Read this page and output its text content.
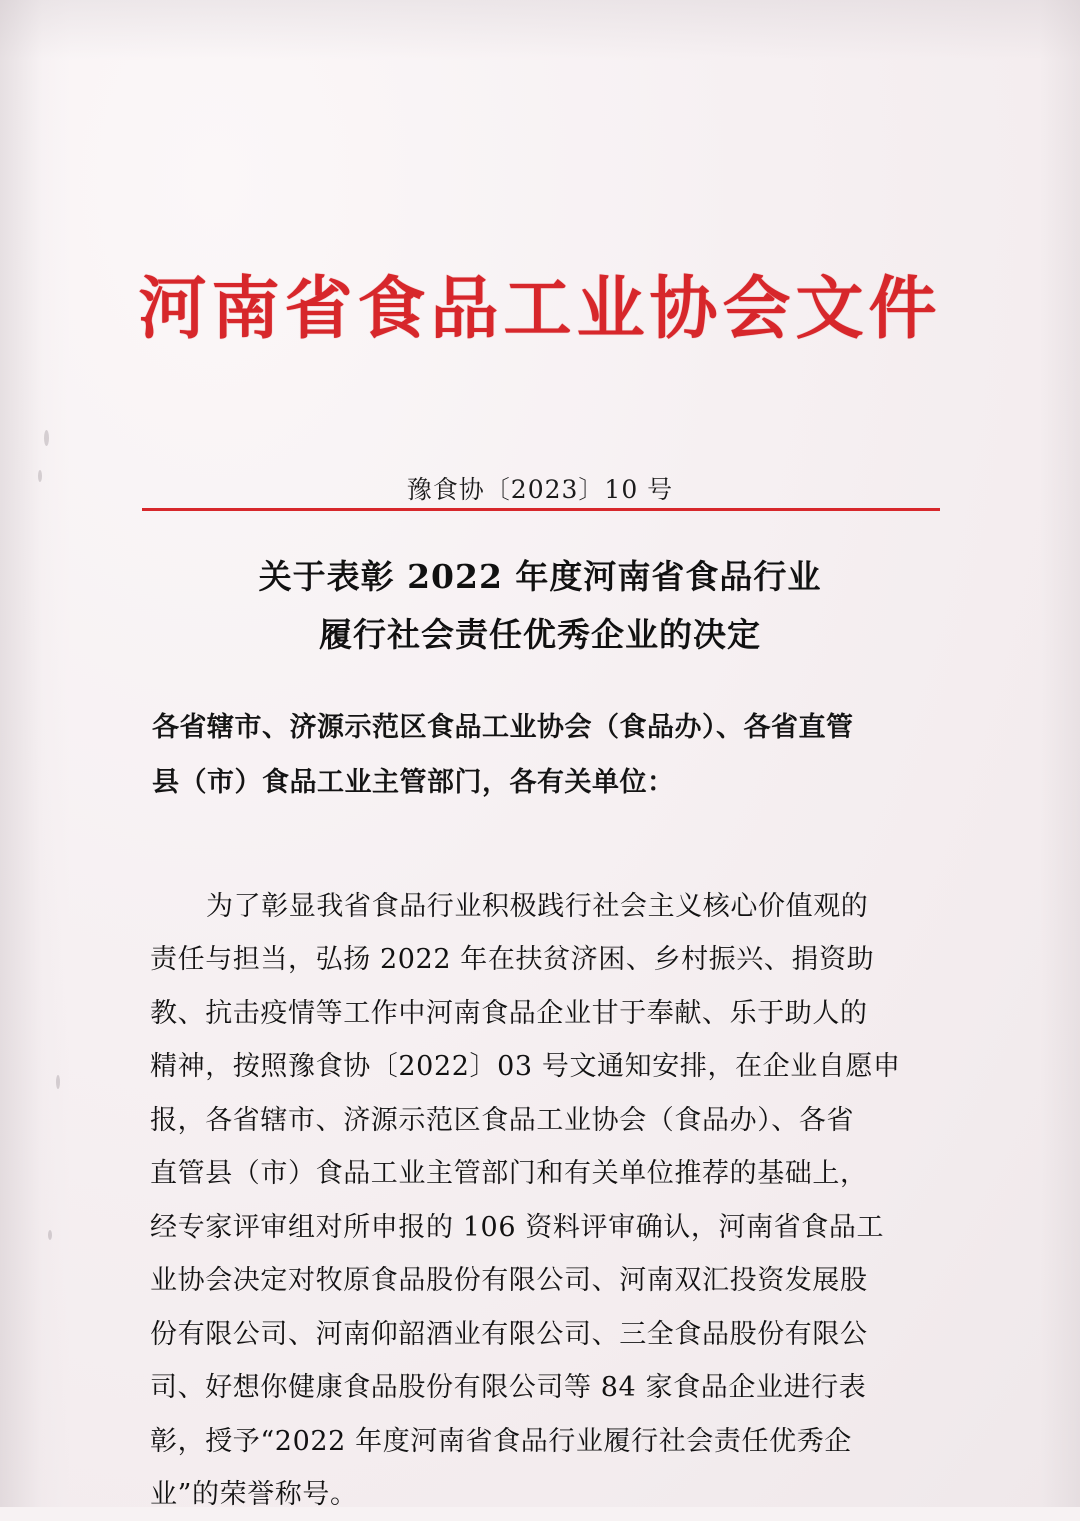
河南省食品工业协会文件
豫食协〔2023〕10 号
关于表彰 2022 年度河南省食品行业
履行社会责任优秀企业的决定
各省辖市、济源示范区食品工业协会（食品办）、各省直管
县（市）食品工业主管部门，各有关单位：
为了彰显我省食品行业积极践行社会主义核心价值观的
责任与担当，弘扬 2022 年在扶贫济困、乡村振兴、捐资助
教、抗击疫情等工作中河南食品企业甘于奉献、乐于助人的
精神，按照豫食协〔2022〕03 号文通知安排，在企业自愿申
报，各省辖市、济源示范区食品工业协会（食品办）、各省
直管县（市）食品工业主管部门和有关单位推荐的基础上，
经专家评审组对所申报的 106 资料评审确认，河南省食品工
业协会决定对牧原食品股份有限公司、河南双汇投资发展股
份有限公司、河南仰韶酒业有限公司、三全食品股份有限公
司、好想你健康食品股份有限公司等 84 家食品企业进行表
彰，授予“2022 年度河南省食品行业履行社会责任优秀企
业”的荣誉称号。
